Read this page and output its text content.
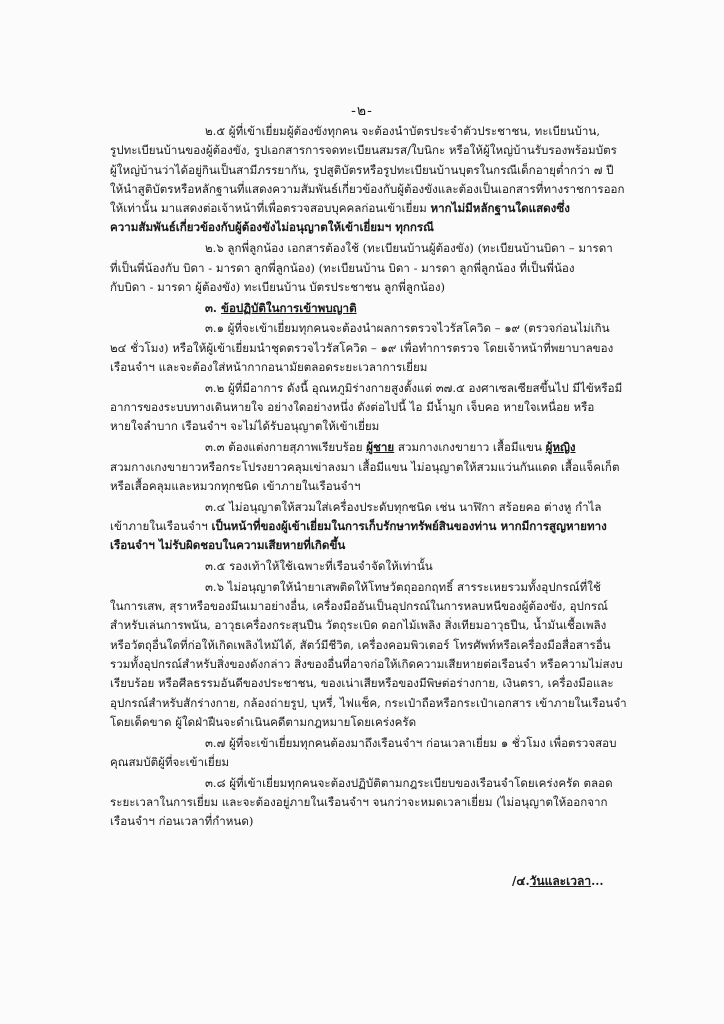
-๒-
๒.๕ ผู้ที่เข้าเยี่ยมผู้ต้องขังทุกคน จะต้องนำบัตรประจำตัวประชาชน, ทะเบียนบ้าน,
รูปทะเบียนบ้านของผู้ต้องขัง, รูปเอกสารการจดทะเบียนสมรส/ใบนิกะ หรือให้ผู้ใหญ่บ้านรับรองพร้อมบัตร
ผู้ใหญ่บ้านว่าได้อยู่กินเป็นสามีภรรยากัน, รูปสูติบัตรหรือรูปทะเบียนบ้านบุตรในกรณีเด็กอายุต่ำกว่า ๗ ปี
ให้นำสูติบัตรหรือหลักฐานที่แสดงความสัมพันธ์เกี่ยวข้องกับผู้ต้องขังและต้องเป็นเอกสารที่ทางราชการออก
ให้เท่านั้น มาแสดงต่อเจ้าหน้าที่เพื่อตรวจสอบบุคคลก่อนเข้าเยี่ยม หากไม่มีหลักฐานใดแสดงซึ่ง
ความสัมพันธ์เกี่ยวข้องกับผู้ต้องขังไม่อนุญาตให้เข้าเยี่ยมฯ ทุกกรณี
๒.๖ ลูกพี่ลูกน้อง เอกสารต้องใช้ (ทะเบียนบ้านผู้ต้องขัง) (ทะเบียนบ้านบิดา – มารดา
ที่เป็นพี่น้องกับ บิดา - มารดา ลูกพี่ลูกน้อง) (ทะเบียนบ้าน บิดา - มารดา ลูกพี่ลูกน้อง ที่เป็นพี่น้อง
กับบิดา - มารดา ผู้ต้องขัง) ทะเบียนบ้าน บัตรประชาชน ลูกพี่ลูกน้อง)
๓. ข้อปฏิบัติในการเข้าพบญาติ
๓.๑ ผู้ที่จะเข้าเยี่ยมทุกคนจะต้องนำผลการตรวจไวรัสโควิด – ๑๙ (ตรวจก่อนไม่เกิน
๒๔ ชั่วโมง) หรือให้ผู้เข้าเยี่ยมนำชุดตรวจไวรัสโควิด – ๑๙ เพื่อทำการตรวจ โดยเจ้าหน้าที่พยาบาลของ
เรือนจำฯ และจะต้องใส่หน้ากากอนามัยตลอดระยะเวลาการเยี่ยม
๓.๒ ผู้ที่มีอาการ ดังนี้ อุณหภูมิร่างกายสูงตั้งแต่ ๓๗.๕ องศาเซลเซียสขึ้นไป มีไข้หรือมี
อาการของระบบทางเดินหายใจ อย่างใดอย่างหนึ่ง ดังต่อไปนี้ ไอ มีน้ำมูก เจ็บคอ หายใจเหนื่อย หรือ
หายใจลำบาก เรือนจำฯ จะไม่ได้รับอนุญาตให้เข้าเยี่ยม
๓.๓ ต้องแต่งกายสุภาพเรียบร้อย ผู้ชาย สวมกางเกงขายาว เสื้อมีแขน ผู้หญิง
สวมกางเกงขายาวหรือกระโปรงยาวคลุมเข่าลงมา เสื้อมีแขน ไม่อนุญาตให้สวมแว่นกันแดด เสื้อแจ็คเก็ต
หรือเสื้อคลุมและหมวกทุกชนิด เข้าภายในเรือนจำฯ
๓.๔ ไม่อนุญาตให้สวมใส่เครื่องประดับทุกชนิด เช่น นาฬิกา สร้อยคอ ต่างหู กำไล
เข้าภายในเรือนจำฯ เป็นหน้าที่ของผู้เข้าเยี่ยมในการเก็บรักษาทรัพย์สินของท่าน หากมีการสูญหายทาง
เรือนจำฯ ไม่รับผิดชอบในความเสียหายที่เกิดขึ้น
๓.๕ รองเท้าให้ใช้เฉพาะที่เรือนจำจัดให้เท่านั้น
๓.๖ ไม่อนุญาตให้นำยาเสพติดให้โทษวัตถุออกฤทธิ์ สารระเหยรวมทั้งอุปกรณ์ที่ใช้
ในการเสพ, สุราหรือของมึนเมาอย่างอื่น, เครื่องมืออันเป็นอุปกรณ์ในการหลบหนีของผู้ต้องขัง, อุปกรณ์
สำหรับเล่นการพนัน, อาวุธเครื่องกระสุนปืน วัตถุระเบิด ดอกไม้เพลิง สิ่งเทียมอาวุธปืน, น้ำมันเชื้อเพลิง
หรือวัตถุอื่นใดที่ก่อให้เกิดเพลิงไหม้ได้, สัตว์มีชีวิต, เครื่องคอมพิวเตอร์ โทรศัพท์หรือเครื่องมือสื่อสารอื่น
รวมทั้งอุปกรณ์สำหรับสิ่งของดังกล่าว สิ่งของอื่นที่อาจก่อให้เกิดความเสียหายต่อเรือนจำ หรือความไม่สงบ
เรียบร้อย หรือศีลธรรมอันดีของประชาชน, ของเน่าเสียหรือของมีพิษต่อร่างกาย, เงินตรา, เครื่องมือและ
อุปกรณ์สำหรับสักร่างกาย, กล้องถ่ายรูป, บุหรี่, ไฟแช็ค, กระเป๋าถือหรือกระเป๋าเอกสาร เข้าภายในเรือนจำ
โดยเด็ดขาด ผู้ใดฝ่าฝืนจะดำเนินคดีตามกฎหมายโดยเคร่งครัด
๓.๗ ผู้ที่จะเข้าเยี่ยมทุกคนต้องมาถึงเรือนจำฯ ก่อนเวลาเยี่ยม ๑ ชั่วโมง เพื่อตรวจสอบ
คุณสมบัติผู้ที่จะเข้าเยี่ยม
๓.๘ ผู้ที่เข้าเยี่ยมทุกคนจะต้องปฏิบัติตามกฎระเบียบของเรือนจำโดยเคร่งครัด ตลอด
ระยะเวลาในการเยี่ยม และจะต้องอยู่ภายในเรือนจำฯ จนกว่าจะหมดเวลาเยี่ยม (ไม่อนุญาตให้ออกจาก
เรือนจำฯ ก่อนเวลาที่กำหนด)
/๔.วันและเวลา...
